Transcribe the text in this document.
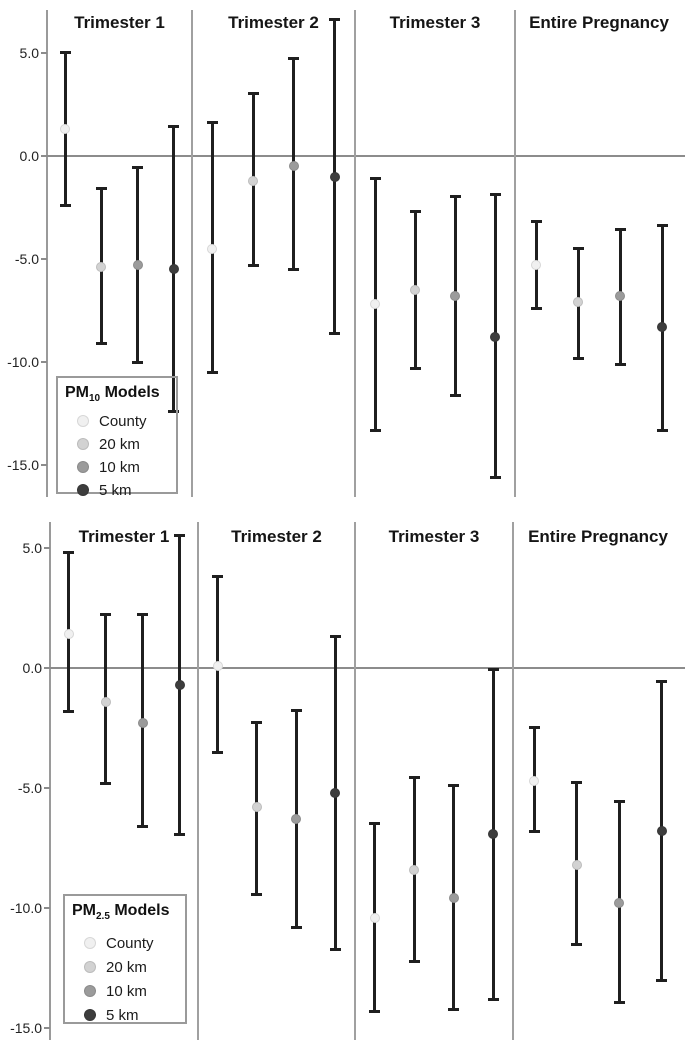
5.0
0.0
-5.0
-10.0
-15.0
Trimester 1	Trimester 2	Trimester 3	Entire Pregnancy
$PM_{10}$ Models
County
20 km
10 km
5 km
5.0
0.0
-5.0
-10.0
-15.0
Trimester 1	Trimester 2	Trimester 3	Entire Pregnancy
$PM_{2.5}$ Models
County
20 km
10 km
5 km
